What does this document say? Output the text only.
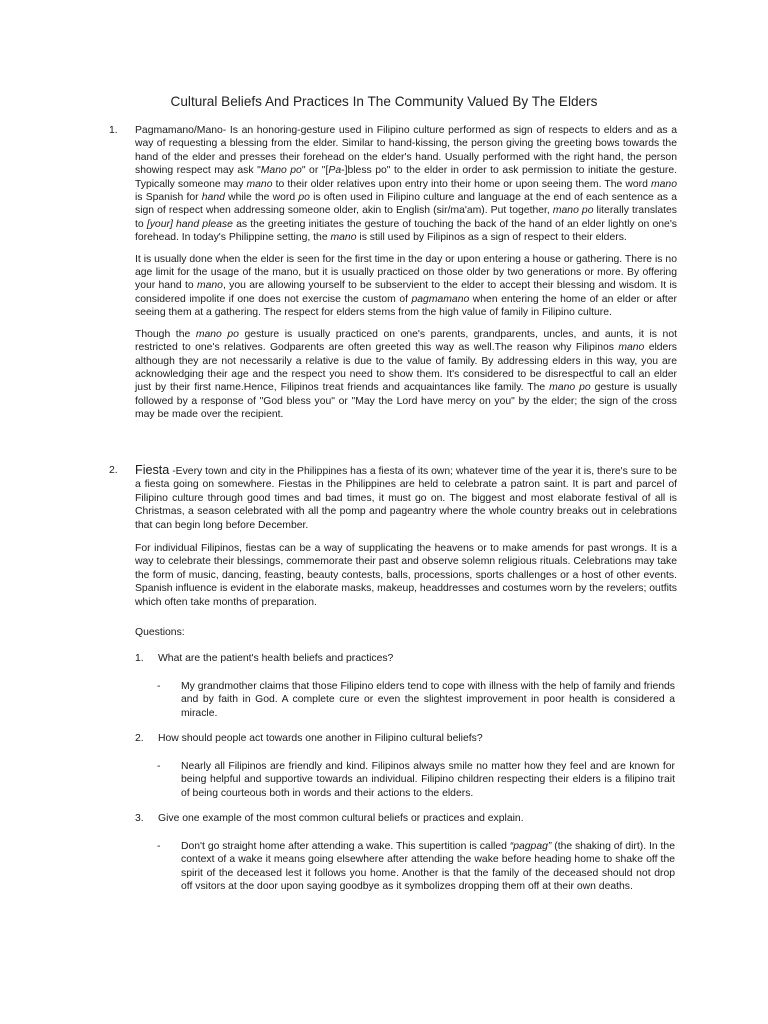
Cultural Beliefs And Practices In The Community Valued By The Elders
1.	Pagmamano/Mano- Is an honoring-gesture used in Filipino culture performed as sign of respects to elders and as a way of requesting a blessing from the elder. Similar to hand-kissing, the person giving the greeting bows towards the hand of the elder and presses their forehead on the elder's hand. Usually performed with the right hand, the person showing respect may ask "Mano po" or "[Pa-]bless po" to the elder in order to ask permission to initiate the gesture. Typically someone may mano to their older relatives upon entry into their home or upon seeing them. The word mano is Spanish for hand while the word po is often used in Filipino culture and language at the end of each sentence as a sign of respect when addressing someone older, akin to English (sir/ma'am). Put together, mano po literally translates to [your] hand please as the greeting initiates the gesture of touching the back of the hand of an elder lightly on one's forehead. In today's Philippine setting, the mano is still used by Filipinos as a sign of respect to their elders.

It is usually done when the elder is seen for the first time in the day or upon entering a house or gathering. There is no age limit for the usage of the mano, but it is usually practiced on those older by two generations or more. By offering your hand to mano, you are allowing yourself to be subservient to the elder to accept their blessing and wisdom. It is considered impolite if one does not exercise the custom of pagmamano when entering the home of an elder or after seeing them at a gathering. The respect for elders stems from the high value of family in Filipino culture.

Though the mano po gesture is usually practiced on one's parents, grandparents, uncles, and aunts, it is not restricted to one's relatives. Godparents are often greeted this way as well.The reason why Filipinos mano elders although they are not necessarily a relative is due to the value of family. By addressing elders in this way, you are acknowledging their age and the respect you need to show them. It's considered to be disrespectful to call an elder just by their first name.Hence, Filipinos treat friends and acquaintances like family. The mano po gesture is usually followed by a response of "God bless you" or "May the Lord have mercy on you" by the elder; the sign of the cross may be made over the recipient.

2.	Fiesta -Every town and city in the Philippines has a fiesta of its own; whatever time of the year it is, there's sure to be a fiesta going on somewhere. Fiestas in the Philippines are held to celebrate a patron saint. It is part and parcel of Filipino culture through good times and bad times, it must go on. The biggest and most elaborate festival of all is Christmas, a season celebrated with all the pomp and pageantry where the whole country breaks out in celebrations that can begin long before December.

For individual Filipinos, fiestas can be a way of supplicating the heavens or to make amends for past wrongs. It is a way to celebrate their blessings, commemorate their past and observe solemn religious rituals. Celebrations may take the form of music, dancing, feasting, beauty contests, balls, processions, sports challenges or a host of other events. Spanish influence is evident in the elaborate masks, makeup, headdresses and costumes worn by the revelers; outfits which often take months of preparation.

Questions:
1.	What are the patient's health beliefs and practices?
- My grandmother claims that those Filipino elders tend to cope with illness with the help of family and friends and by faith in God. A complete cure or even the slightest improvement in poor health is considered a miracle.
2.	How should people act towards one another in Filipino cultural beliefs?
- Nearly all Filipinos are friendly and kind. Filipinos always smile no matter how they feel and are known for being helpful and supportive towards an individual. Filipino children respecting their elders is a filipino trait of being courteous both in words and their actions to the elders.
3.	Give one example of the most common cultural beliefs or practices and explain.
- Don't go straight home after attending a wake. This supertition is called “pagpag” (the shaking of dirt). In the context of a wake it means going elsewhere after attending the wake before heading home to shake off the spirit of the deceased lest it follows you home. Another is that the family of the deceased should not drop off vsitors at the door upon saying goodbye as it symbolizes dropping them off at their own deaths.
